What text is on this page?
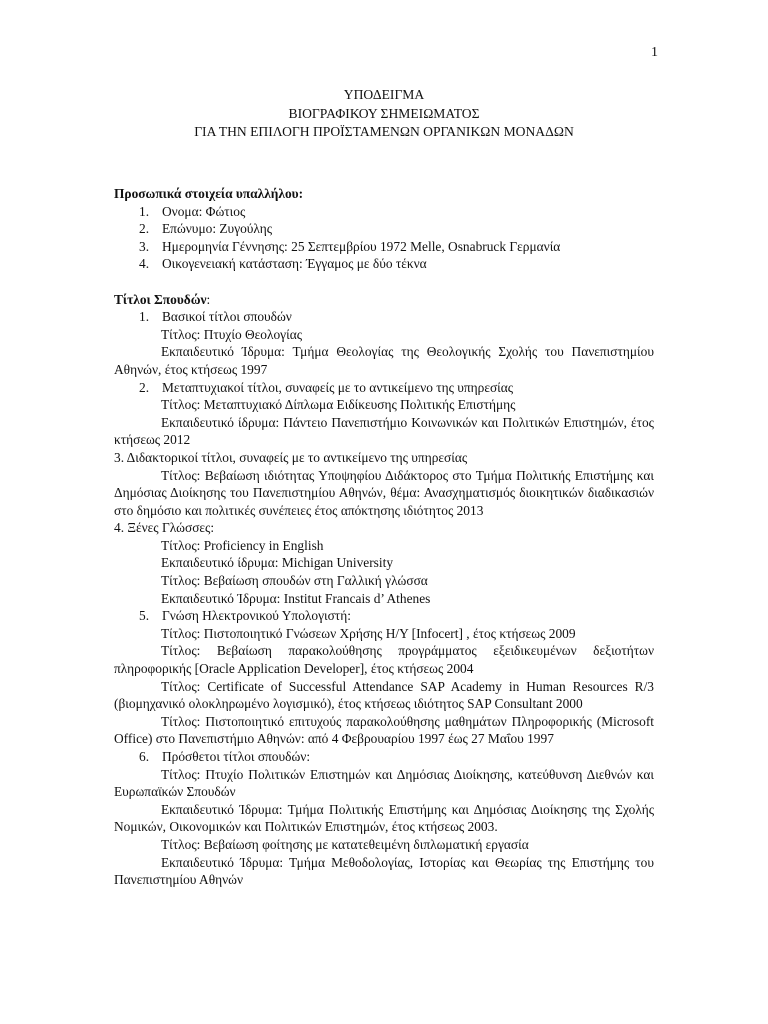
1
ΥΠΟΔΕΙΓΜΑ
ΒΙΟΓΡΑΦΙΚΟΥ ΣΗΜΕΙΩΜΑΤΟΣ
ΓΙΑ ΤΗΝ ΕΠΙΛΟΓΗ ΠΡΟΪΣΤΑΜΕΝΩΝ ΟΡΓΑΝΙΚΩΝ ΜΟΝΑΔΩΝ

Προσωπικά στοιχεία υπαλλήλου:

1. Ονομα: Φώτιος
2. Επώνυμο: Ζυγούλης
3. Ημερομηνία Γέννησης: 25 Σεπτεμβρίου 1972 Melle, Osnabruck Γερμανία
4. Οικογενειακή κατάσταση: Έγγαμος με δύο τέκνα

Τίτλοι Σπουδών:

1. Βασικοί τίτλοι σπουδών

Τίτλος: Πτυχίο Θεολογίας

Εκπαιδευτικό Ίδρυμα: Τμήμα Θεολογίας της Θεολογικής Σχολής του Πανεπιστημίου Αθηνών, έτος κτήσεως 1997

2. Μεταπτυχιακοί τίτλοι, συναφείς με το αντικείμενο της υπηρεσίας

Τίτλος: Μεταπτυχιακό Δίπλωμα Ειδίκευσης Πολιτικής Επιστήμης

Εκπαιδευτικό ίδρυμα: Πάντειο Πανεπιστήμιο Κοινωνικών και Πολιτικών Επιστημών, έτος κτήσεως 2012

3. Διδακτορικοί τίτλοι, συναφείς με το αντικείμενο της υπηρεσίας

Τίτλος: Βεβαίωση ιδιότητας Υποψηφίου Διδάκτορος στο Τμήμα Πολιτικής Επιστήμης και Δημόσιας Διοίκησης του Πανεπιστημίου Αθηνών, θέμα: Ανασχηματισμός διοικητικών διαδικασιών στο δημόσιο και πολιτικές συνέπειες έτος απόκτησης ιδιότητος 2013

4. Ξένες Γλώσσες:

Τίτλος: Proficiency in English

Εκπαιδευτικό ίδρυμα: Michigan University

Τίτλος: Βεβαίωση σπουδών στη Γαλλική γλώσσα

Εκπαιδευτικό Ίδρυμα: Institut Francais d’ Athenes

5. Γνώση Ηλεκτρονικού Υπολογιστή:

Τίτλος: Πιστοποιητικό Γνώσεων Χρήσης Η/Υ [Infocert] , έτος κτήσεως 2009

Τίτλος: Βεβαίωση παρακολούθησης προγράμματος εξειδικευμένων δεξιοτήτων πληροφορικής [Oracle Application Developer], έτος κτήσεως 2004

Τίτλος: Certificate of Successful Attendance SAP Academy in Human Resources R/3 (βιομηχανικό ολοκληρωμένο λογισμικό), έτος κτήσεως ιδιότητος SAP Consultant 2000

Τίτλος: Πιστοποιητικό επιτυχούς παρακολούθησης μαθημάτων Πληροφορικής (Microsoft Office) στο Πανεπιστήμιο Αθηνών: από 4 Φεβρουαρίου 1997 έως 27 Μαΐου 1997

6. Πρόσθετοι τίτλοι σπουδών:

Τίτλος: Πτυχίο Πολιτικών Επιστημών και Δημόσιας Διοίκησης, κατεύθυνση Διεθνών και Ευρωπαϊκών Σπουδών

Εκπαιδευτικό Ίδρυμα: Τμήμα Πολιτικής Επιστήμης και Δημόσιας Διοίκησης της Σχολής Νομικών, Οικονομικών και Πολιτικών Επιστημών, έτος κτήσεως 2003.

Τίτλος: Βεβαίωση φοίτησης με κατατεθειμένη διπλωματική εργασία

Εκπαιδευτικό Ίδρυμα: Τμήμα Μεθοδολογίας, Ιστορίας και Θεωρίας της Επιστήμης του Πανεπιστημίου Αθηνών
